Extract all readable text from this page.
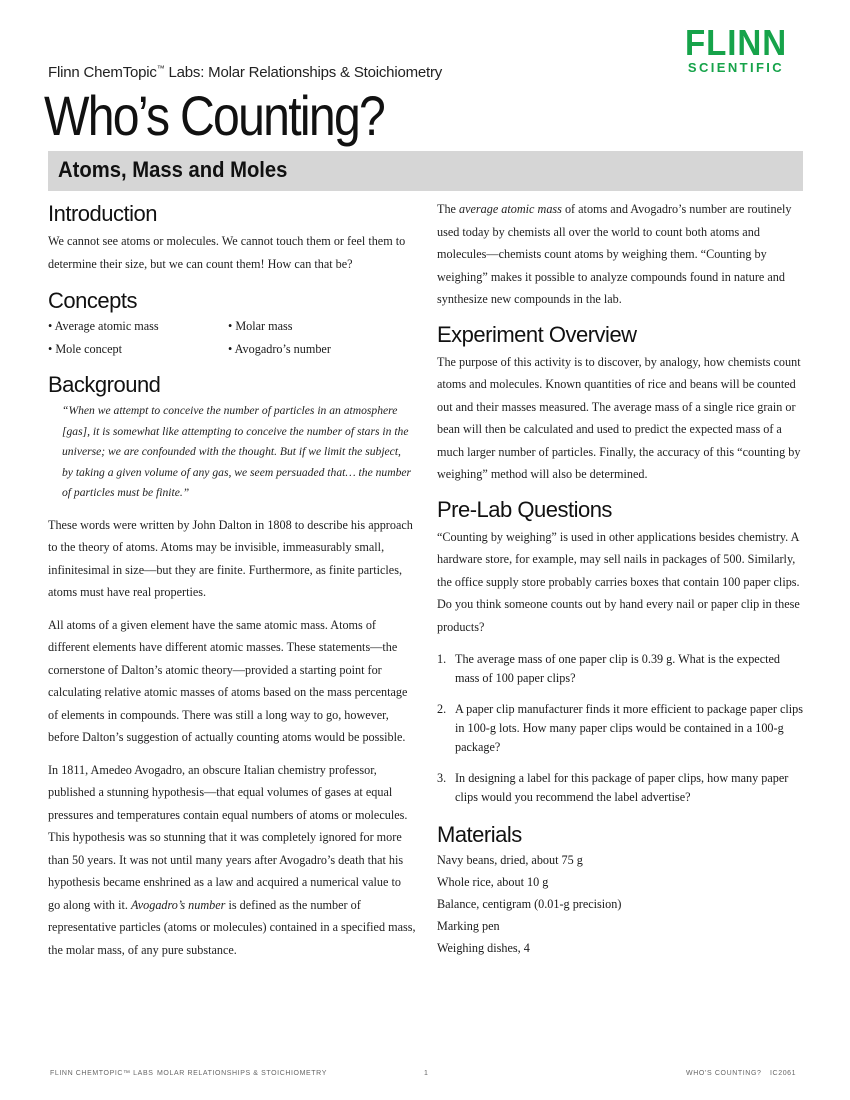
FLINN
SCIENTIFIC
Flinn ChemTopic™ Labs: Molar Relationships & Stoichiometry
Who’s Counting?
Atoms, Mass and Moles
Introduction

We cannot see atoms or molecules. We cannot touch them or feel them to determine their size, but we can count them! How can that be?

Concepts
• Average atomic mass	• Molar mass
• Mole concept	• Avogadro’s number
Background

“When we attempt to conceive the number of particles in an atmosphere [gas], it is somewhat like attempting to conceive the number of stars in the universe; we are confounded with the thought. But if we limit the subject, by taking a given volume of any gas, we seem persuaded that… the number of particles must be finite.”

These words were written by John Dalton in 1808 to describe his approach to the theory of atoms. Atoms may be invisible, immeasurably small, infinitesimal in size—but they are finite. Furthermore, as finite particles, atoms must have real properties.

All atoms of a given element have the same atomic mass. Atoms of different elements have different atomic masses. These statements—the cornerstone of Dalton’s atomic theory—provided a starting point for calculating relative atomic masses of atoms based on the mass percentage of elements in compounds. There was still a long way to go, however, before Dalton’s suggestion of actually counting atoms would be possible.

In 1811, Amedeo Avogadro, an obscure Italian chemistry professor, published a stunning hypothesis—that equal volumes of gases at equal pressures and temperatures contain equal numbers of atoms or molecules. This hypothesis was so stunning that it was completely ignored for more than 50 years. It was not until many years after Avogadro’s death that his hypothesis became enshrined as a law and acquired a numerical value to go along with it. Avogadro’s number is defined as the number of representative particles (atoms or molecules) contained in a specified mass, the molar mass, of any pure substance.

The average atomic mass of atoms and Avogadro’s number are routinely used today by chemists all over the world to count both atoms and molecules—chemists count atoms by weighing them. “Counting by weighing” makes it possible to analyze compounds found in nature and synthesize new compounds in the lab.

Experiment Overview

The purpose of this activity is to discover, by analogy, how chemists count atoms and molecules. Known quantities of rice and beans will be counted out and their masses measured. The average mass of a single rice grain or bean will then be calculated and used to predict the expected mass of a much larger number of particles. Finally, the accuracy of this “counting by weighing” method will also be determined.

Pre-Lab Questions

“Counting by weighing” is used in other applications besides chemistry. A hardware store, for example, may sell nails in packages of 500. Similarly, the office supply store probably carries boxes that contain 100 paper clips. Do you think someone counts out by hand every nail or paper clip in these products?

1. The average mass of one paper clip is 0.39 g. What is the expected mass of 100 paper clips?
2. A paper clip manufacturer finds it more efficient to package paper clips in 100-g lots. How many paper clips would be contained in a 100-g package?
3. In designing a label for this package of paper clips, how many paper clips would you recommend the label advertise?
Materials
Navy beans, dried, about 75 g
Whole rice, about 10 g
Balance, centigram (0.01-g precision)
Marking pen
Weighing dishes, 4
FLINN CHEMTOPIC™ LABS MOLAR RELATIONSHIPS & STOICHIOMETRY	1	WHO’S COUNTING? IC2061
